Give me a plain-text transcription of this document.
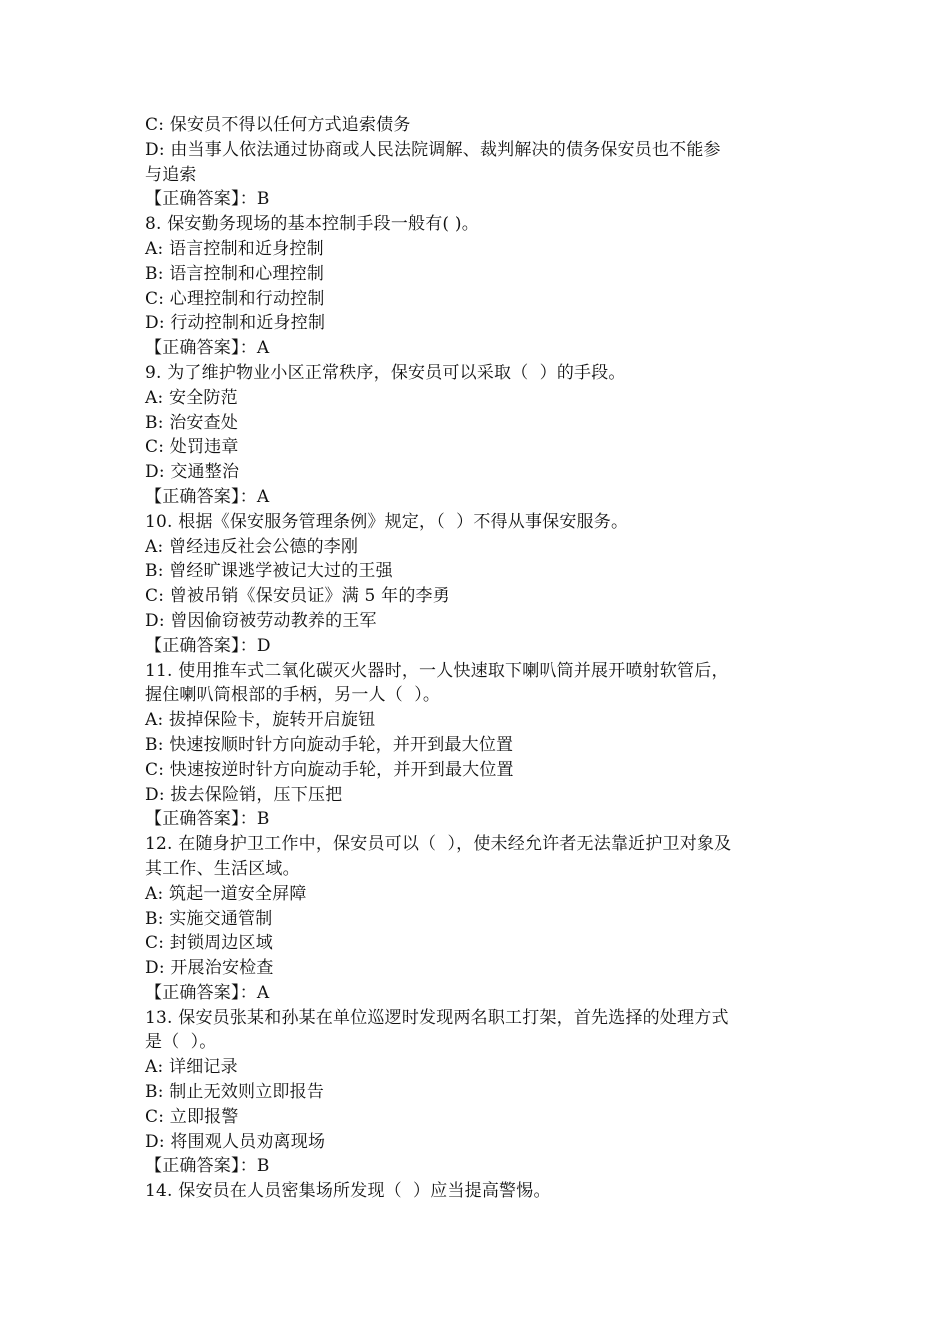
C: 保安员不得以任何方式追索债务
D: 由当事人依法通过协商或人民法院调解、裁判解决的债务保安员也不能参
与追索
【正确答案】：B
8. 保安勤务现场的基本控制手段一般有( )。
A: 语言控制和近身控制
B: 语言控制和心理控制
C: 心理控制和行动控制
D: 行动控制和近身控制
【正确答案】：A
9. 为了维护物业小区正常秩序，保安员可以采取（  ）的手段。
A: 安全防范
B: 治安查处
C: 处罚违章
D: 交通整治
【正确答案】：A
10. 根据《保安服务管理条例》规定，（  ）不得从事保安服务。
A: 曾经违反社会公德的李刚
B: 曾经旷课逃学被记大过的王强
C: 曾被吊销《保安员证》满 5 年的李勇
D: 曾因偷窃被劳动教养的王军
【正确答案】：D
11. 使用推车式二氧化碳灭火器时，一人快速取下喇叭筒并展开喷射软管后，
握住喇叭筒根部的手柄，另一人（  ）。
A: 拔掉保险卡，旋转开启旋钮
B: 快速按顺时针方向旋动手轮，并开到最大位置
C: 快速按逆时针方向旋动手轮，并开到最大位置
D: 拔去保险销，压下压把
【正确答案】：B
12. 在随身护卫工作中，保安员可以（  ），使未经允许者无法靠近护卫对象及
其工作、生活区域。
A: 筑起一道安全屏障
B: 实施交通管制
C: 封锁周边区域
D: 开展治安检查
【正确答案】：A
13. 保安员张某和孙某在单位巡逻时发现两名职工打架，首先选择的处理方式
是（  ）。
A: 详细记录
B: 制止无效则立即报告
C: 立即报警
D: 将围观人员劝离现场
【正确答案】：B
14. 保安员在人员密集场所发现（  ）应当提高警惕。
